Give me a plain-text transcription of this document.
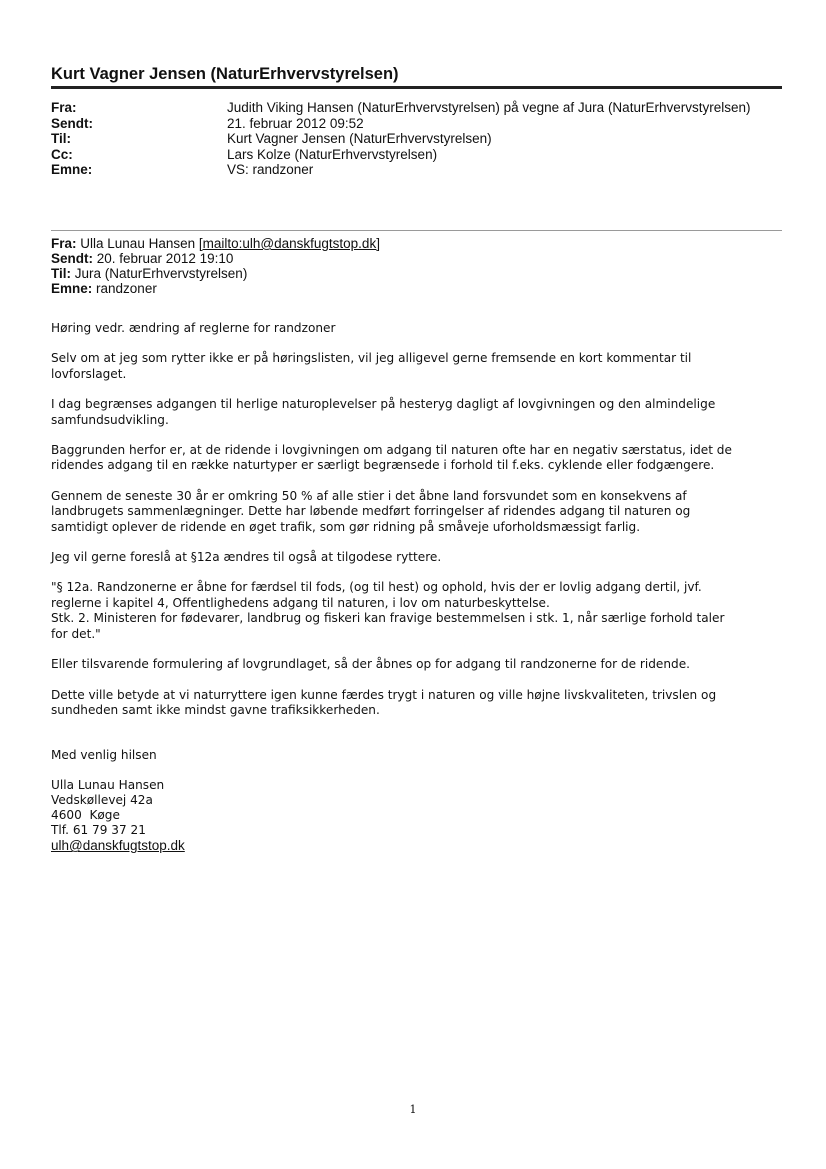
Kurt Vagner Jensen (NaturErhvervstyrelsen)
Fra:	Judith Viking Hansen (NaturErhvervstyrelsen) på vegne af Jura (NaturErhvervstyrelsen)
Sendt:	21. februar 2012 09:52
Til:	Kurt Vagner Jensen (NaturErhvervstyrelsen)
Cc:	Lars Kolze (NaturErhvervstyrelsen)
Emne:	VS: randzoner
Fra: Ulla Lunau Hansen [mailto:ulh@danskfugtstop.dk]
Sendt: 20. februar 2012 19:10
Til: Jura (NaturErhvervstyrelsen)
Emne: randzoner

Høring vedr. ændring af reglerne for randzoner

Selv om at jeg som rytter ikke er på høringslisten, vil jeg alligevel gerne fremsende en kort kommentar til
lovforslaget.

I dag begrænses adgangen til herlige naturoplevelser på hesteryg dagligt af lovgivningen og den almindelige
samfundsudvikling.

Baggrunden herfor er, at de ridende i lovgivningen om adgang til naturen ofte har en negativ særstatus, idet de
ridendes adgang til en række naturtyper er særligt begrænsede i forhold til f.eks. cyklende eller fodgængere.

Gennem de seneste 30 år er omkring 50 % af alle stier i det åbne land forsvundet som en konsekvens af
landbrugets sammenlægninger. Dette har løbende medført forringelser af ridendes adgang til naturen og
samtidigt oplever de ridende en øget trafik, som gør ridning på småveje uforholdsmæssigt farlig.

Jeg vil gerne foreslå at §12a ændres til også at tilgodese ryttere.

"§ 12a. Randzonerne er åbne for færdsel til fods, (og til hest) og ophold, hvis der er lovlig adgang dertil, jvf.
reglerne i kapitel 4, Offentlighedens adgang til naturen, i lov om naturbeskyttelse.
Stk. 2. Ministeren for fødevarer, landbrug og fiskeri kan fravige bestemmelsen i stk. 1, når særlige forhold taler
for det."

Eller tilsvarende formulering af lovgrundlaget, så der åbnes op for adgang til randzonerne for de ridende.

Dette ville betyde at vi naturryttere igen kunne færdes trygt i naturen og ville højne livskvaliteten, trivslen og
sundheden samt ikke mindst gavne trafiksikkerheden.

Med venlig hilsen
Ulla Lunau Hansen
Vedskøllevej 42a
4600  Køge
Tlf. 61 79 37 21
ulh@danskfugtstop.dk
1
